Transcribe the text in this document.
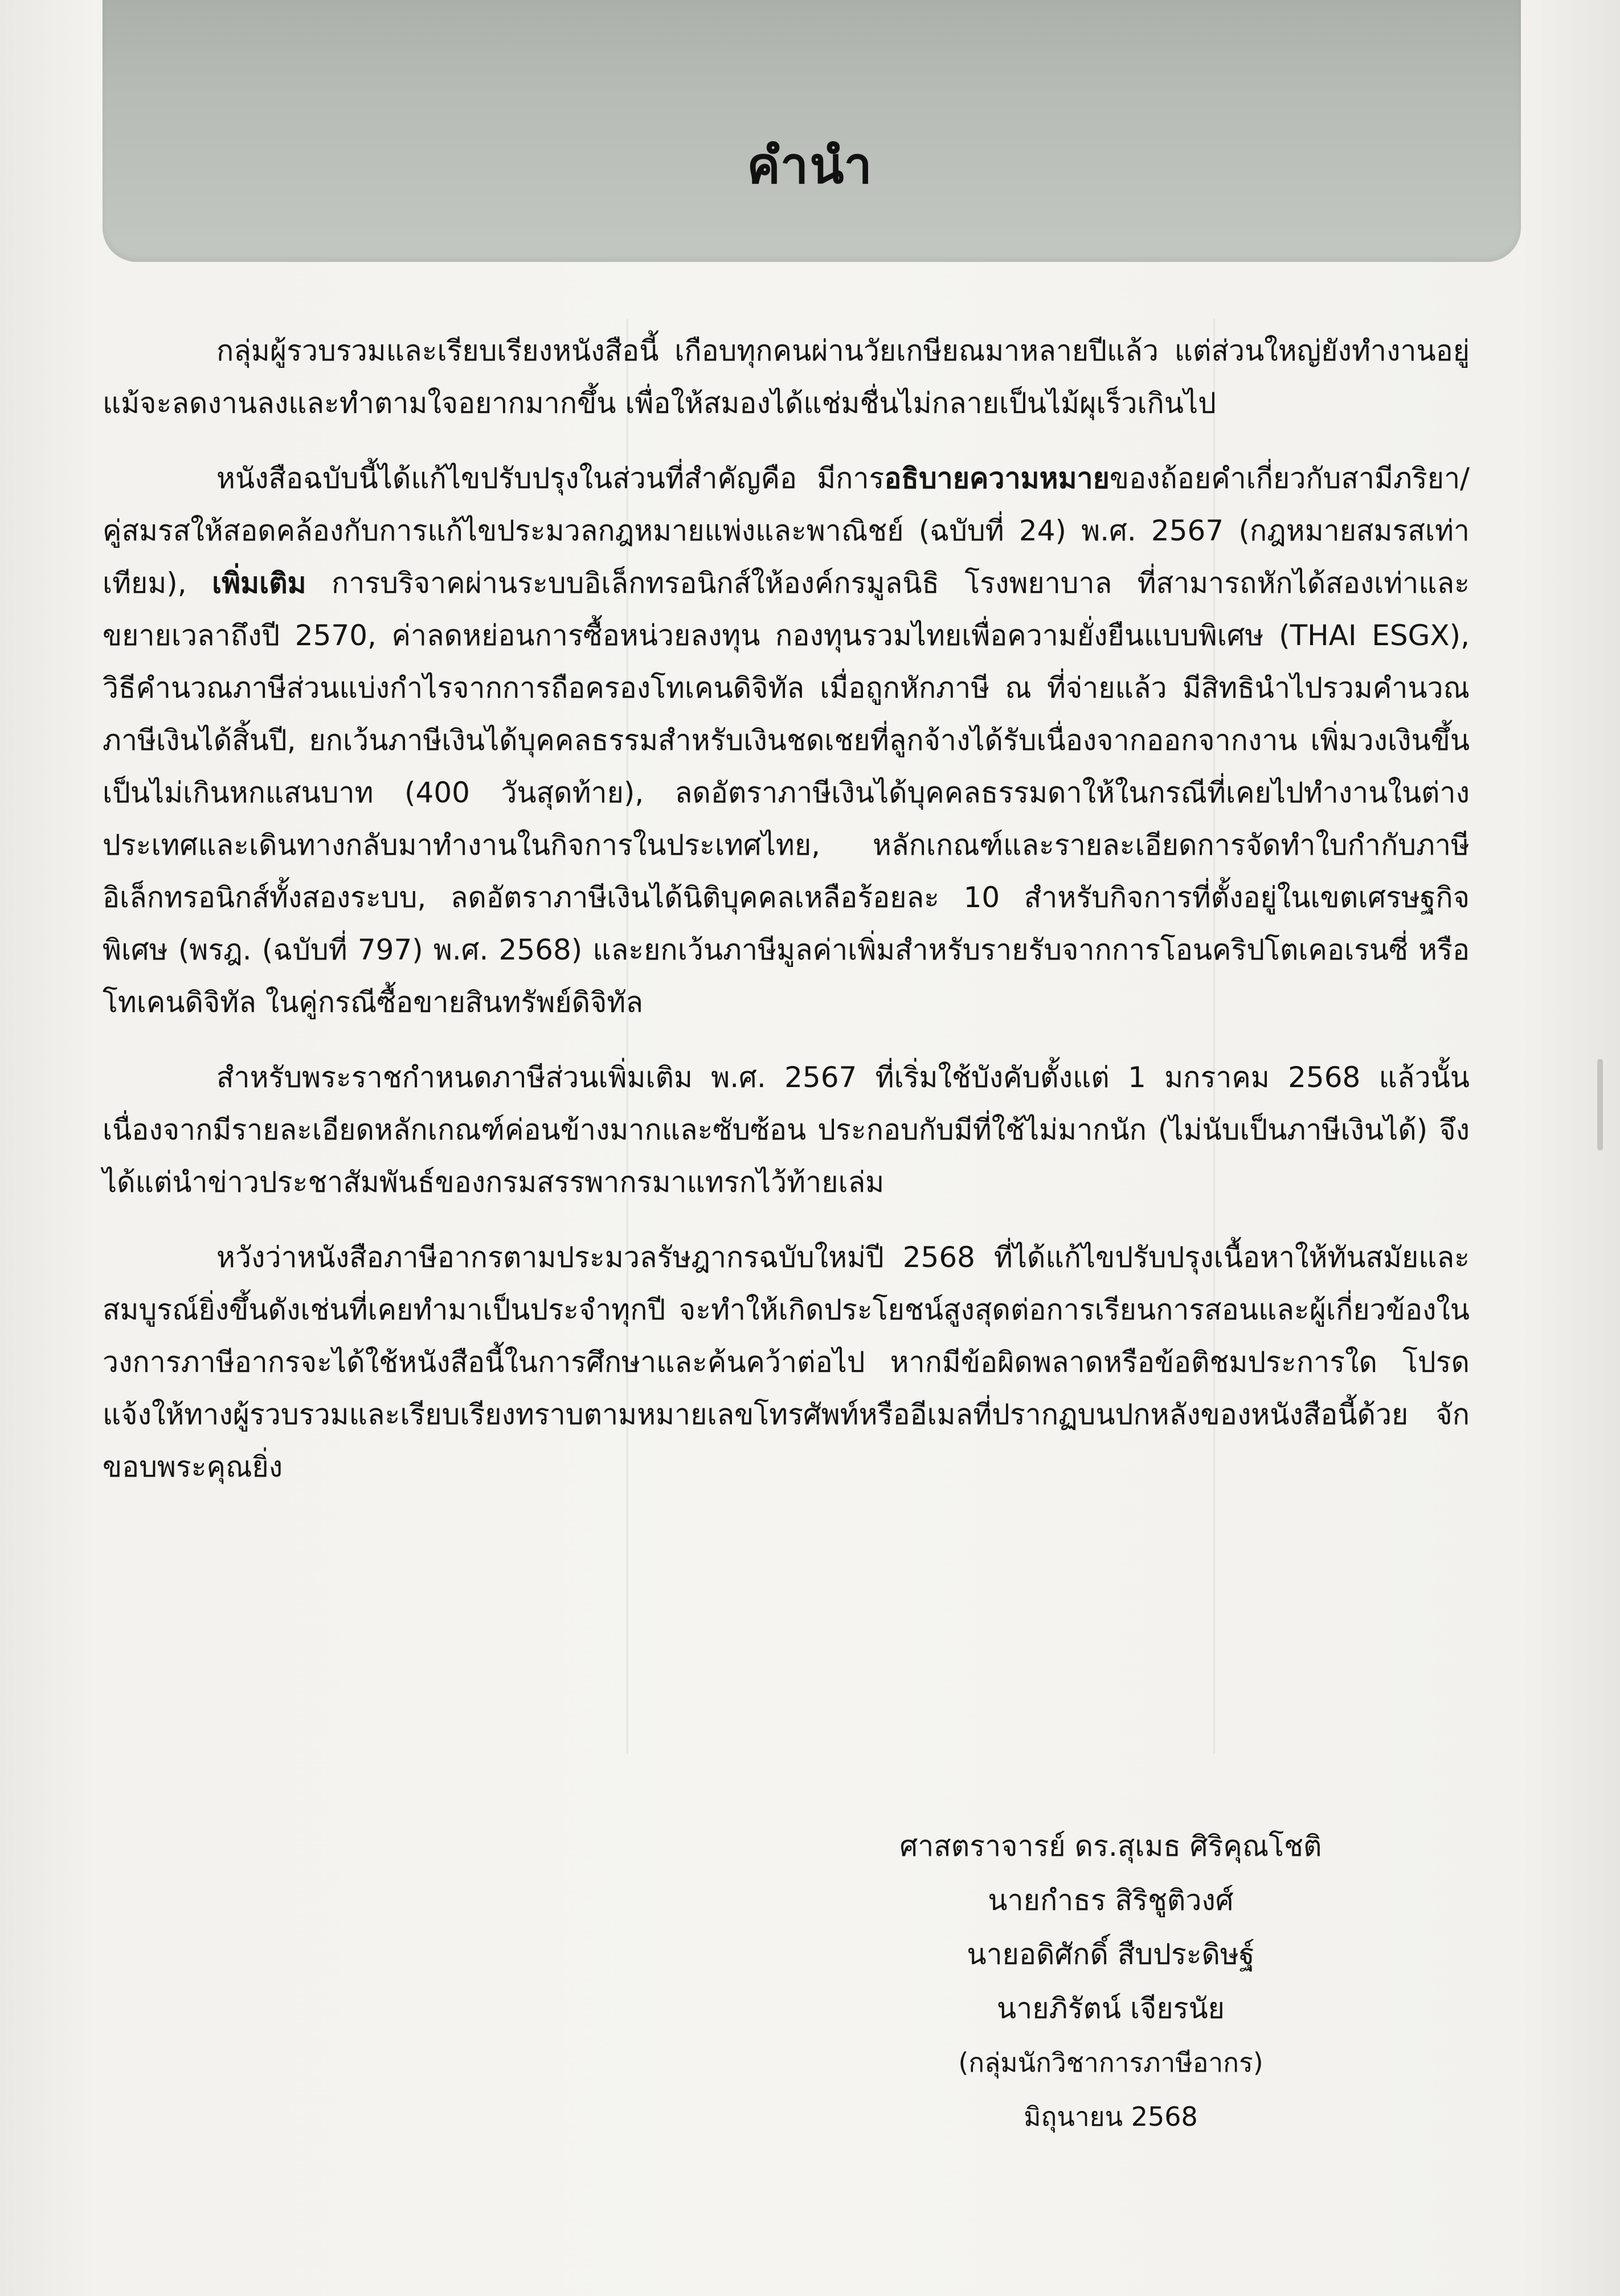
คำนำ

กลุ่มผู้รวบรวมและเรียบเรียงหนังสือนี้ เกือบทุกคนผ่านวัยเกษียณมาหลายปีแล้ว แต่ส่วนใหญ่ยังทำงานอยู่แม้จะลดงานลงและทำตามใจอยากมากขึ้น เพื่อให้สมองได้แช่มชื่นไม่กลายเป็นไม้ผุเร็วเกินไป

หนังสือฉบับนี้ได้แก้ไขปรับปรุงในส่วนที่สำคัญคือ มีการอธิบายความหมายของถ้อยคำเกี่ยวกับสามีภริยา/คู่สมรสให้สอดคล้องกับการแก้ไขประมวลกฎหมายแพ่งและพาณิชย์ (ฉบับที่ 24) พ.ศ. 2567 (กฎหมายสมรสเท่าเทียม), เพิ่มเติม การบริจาคผ่านระบบอิเล็กทรอนิกส์ให้องค์กรมูลนิธิ โรงพยาบาล ที่สามารถหักได้สองเท่าและขยายเวลาถึงปี 2570, ค่าลดหย่อนการซื้อหน่วยลงทุน กองทุนรวมไทยเพื่อความยั่งยืนแบบพิเศษ (THAI ESGX), วิธีคำนวณภาษีส่วนแบ่งกำไรจากการถือครองโทเคนดิจิทัล เมื่อถูกหักภาษี ณ ที่จ่ายแล้ว มีสิทธินำไปรวมคำนวณภาษีเงินได้สิ้นปี, ยกเว้นภาษีเงินได้บุคคลธรรมสำหรับเงินชดเชยที่ลูกจ้างได้รับเนื่องจากออกจากงาน เพิ่มวงเงินขึ้นเป็นไม่เกินหกแสนบาท (400 วันสุดท้าย), ลดอัตราภาษีเงินได้บุคคลธรรมดาให้ในกรณีที่เคยไปทำงานในต่างประเทศและเดินทางกลับมาทำงานในกิจการในประเทศไทย, หลักเกณฑ์และรายละเอียดการจัดทำใบกำกับภาษีอิเล็กทรอนิกส์ทั้งสองระบบ, ลดอัตราภาษีเงินได้นิติบุคคลเหลือร้อยละ 10 สำหรับกิจการที่ตั้งอยู่ในเขตเศรษฐกิจพิเศษ (พรฎ. (ฉบับที่ 797) พ.ศ. 2568) และยกเว้นภาษีมูลค่าเพิ่มสำหรับรายรับจากการโอนคริปโตเคอเรนซี่ หรือโทเคนดิจิทัล ในคู่กรณีซื้อขายสินทรัพย์ดิจิทัล

สำหรับพระราชกำหนดภาษีส่วนเพิ่มเติม พ.ศ. 2567 ที่เริ่มใช้บังคับตั้งแต่ 1 มกราคม 2568 แล้วนั้น เนื่องจากมีรายละเอียดหลักเกณฑ์ค่อนข้างมากและซับซ้อน ประกอบกับมีที่ใช้ไม่มากนัก (ไม่นับเป็นภาษีเงินได้) จึงได้แต่นำข่าวประชาสัมพันธ์ของกรมสรรพากรมาแทรกไว้ท้ายเล่ม

หวังว่าหนังสือภาษีอากรตามประมวลรัษฎากรฉบับใหม่ปี 2568 ที่ได้แก้ไขปรับปรุงเนื้อหาให้ทันสมัยและสมบูรณ์ยิ่งขึ้นดังเช่นที่เคยทำมาเป็นประจำทุกปี จะทำให้เกิดประโยชน์สูงสุดต่อการเรียนการสอนและผู้เกี่ยวข้องในวงการภาษีอากรจะได้ใช้หนังสือนี้ในการศึกษาและค้นคว้าต่อไป หากมีข้อผิดพลาดหรือข้อติชมประการใด โปรดแจ้งให้ทางผู้รวบรวมและเรียบเรียงทราบตามหมายเลขโทรศัพท์หรืออีเมลที่ปรากฏบนปกหลังของหนังสือนี้ด้วย จักขอบพระคุณยิ่ง

ศาสตราจารย์ ดร.สุเมธ ศิริคุณโชติ
นายกำธร สิริชูติวงศ์
นายอดิศักดิ์ สืบประดิษฐ์
นายภิรัตน์ เจียรนัย
(กลุ่มนักวิชาการภาษีอากร)
มิถุนายน 2568
